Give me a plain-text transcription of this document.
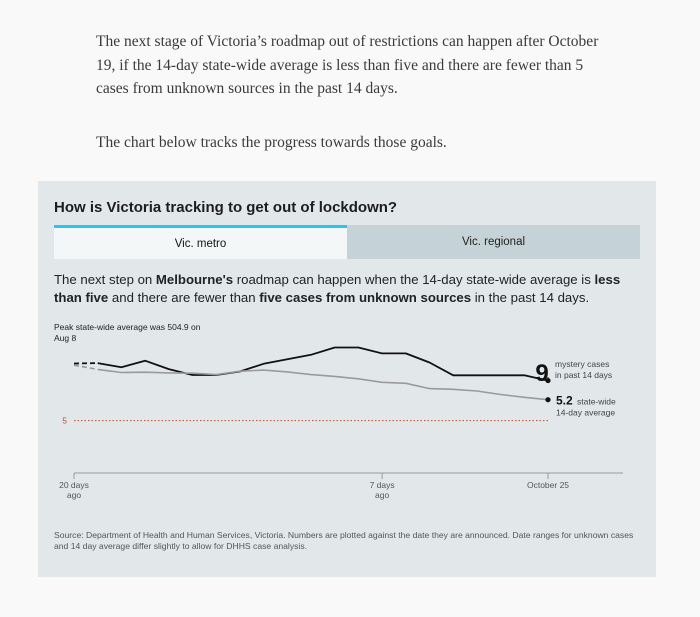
The next stage of Victoria’s roadmap out of restrictions can happen after October 19, if the 14-day state-wide average is less than five and there are fewer than 5 cases from unknown sources in the past 14 days.

The chart below tracks the progress towards those goals.

How is Victoria tracking to get out of lockdown?
Vic. metro	Vic. regional
The next step on Melbourne's roadmap can happen when the 14-day state-wide average is less than five and there are fewer than five cases from unknown sources in the past 14 days.
Peak state-wide average was 504.9 on Aug 8
20 days
ago
7 days
ago
October 25
5
9 mystery cases
in past 14 days
5.2 state-wide
14-day average
Source: Department of Health and Human Services, Victoria. Numbers are plotted against the date they are announced. Date ranges for unknown cases and 14 day average differ slightly to allow for DHHS case analysis.
